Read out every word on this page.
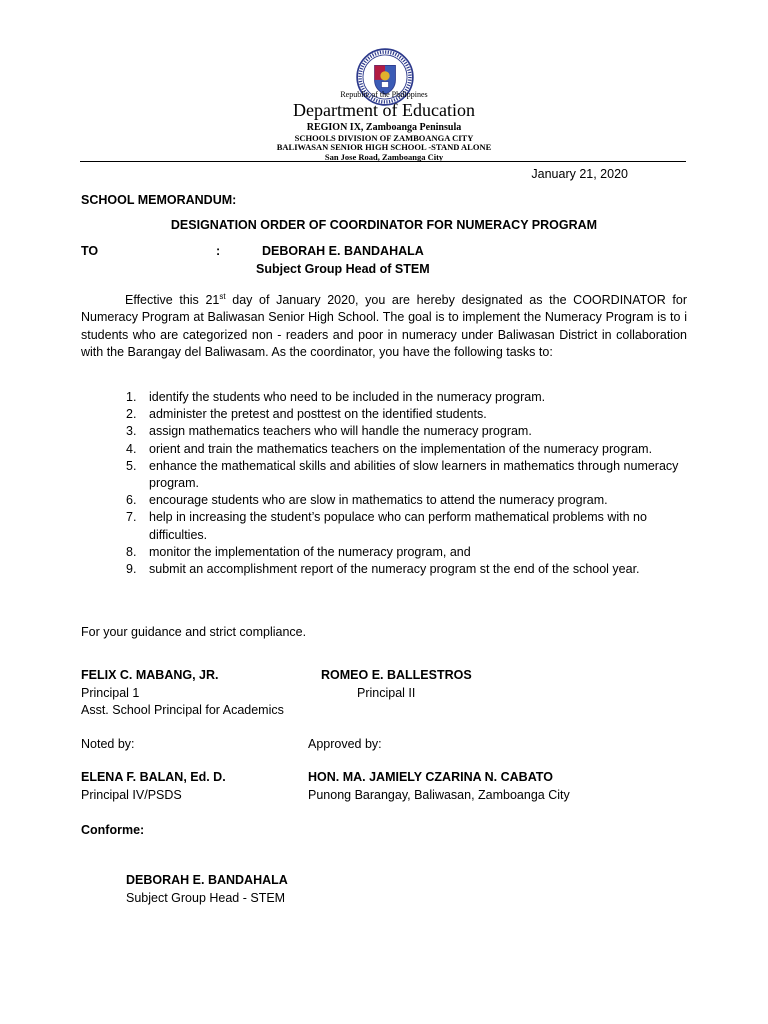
Republic of the Philippines
Department of Education
REGION IX, Zamboanga Peninsula
SCHOOLS DIVISION OF ZAMBOANGA CITY
BALIWASAN SENIOR HIGH SCHOOL -STAND ALONE
San Jose Road, Zamboanga City
January 21, 2020
SCHOOL MEMORANDUM:
DESIGNATION ORDER OF COORDINATOR FOR NUMERACY PROGRAM
TO	:	DEBORAH E. BANDAHALA
Subject Group Head of STEM

Effective this 21st day of January 2020, you are hereby designated as the COORDINATOR for Numeracy Program at Baliwasan Senior High School. The goal is to implement the Numeracy Program is to i students who are categorized non - readers and poor in numeracy under Baliwasan District in collaboration with the Barangay del Baliwasam. As the coordinator, you have the following tasks to:

1. identify the students who need to be included in the numeracy program.
2. administer the pretest and posttest on the identified students.
3. assign mathematics teachers who will handle the numeracy program.
4. orient and train the mathematics teachers on the implementation of the numeracy program.
5. enhance the mathematical skills and abilities of slow learners in mathematics through numeracy program.
6. encourage students who are slow in mathematics to attend the numeracy program.
7. help in increasing the student’s populace who can perform mathematical problems with no difficulties.
8. monitor the implementation of the numeracy program, and
9. submit an accomplishment report of the numeracy program st the end of the school year.
For your guidance and strict compliance.
FELIX C. MABANG, JR.
Principal 1
Asst. School Principal for Academics
ROMEO E. BALLESTROS
Principal II
Noted by:	Approved by:
ELENA F. BALAN, Ed. D.
Principal IV/PSDS
HON. MA. JAMIELY CZARINA N. CABATO
Punong Barangay, Baliwasan, Zamboanga City
Conforme:
DEBORAH E. BANDAHALA
Subject Group Head - STEM
